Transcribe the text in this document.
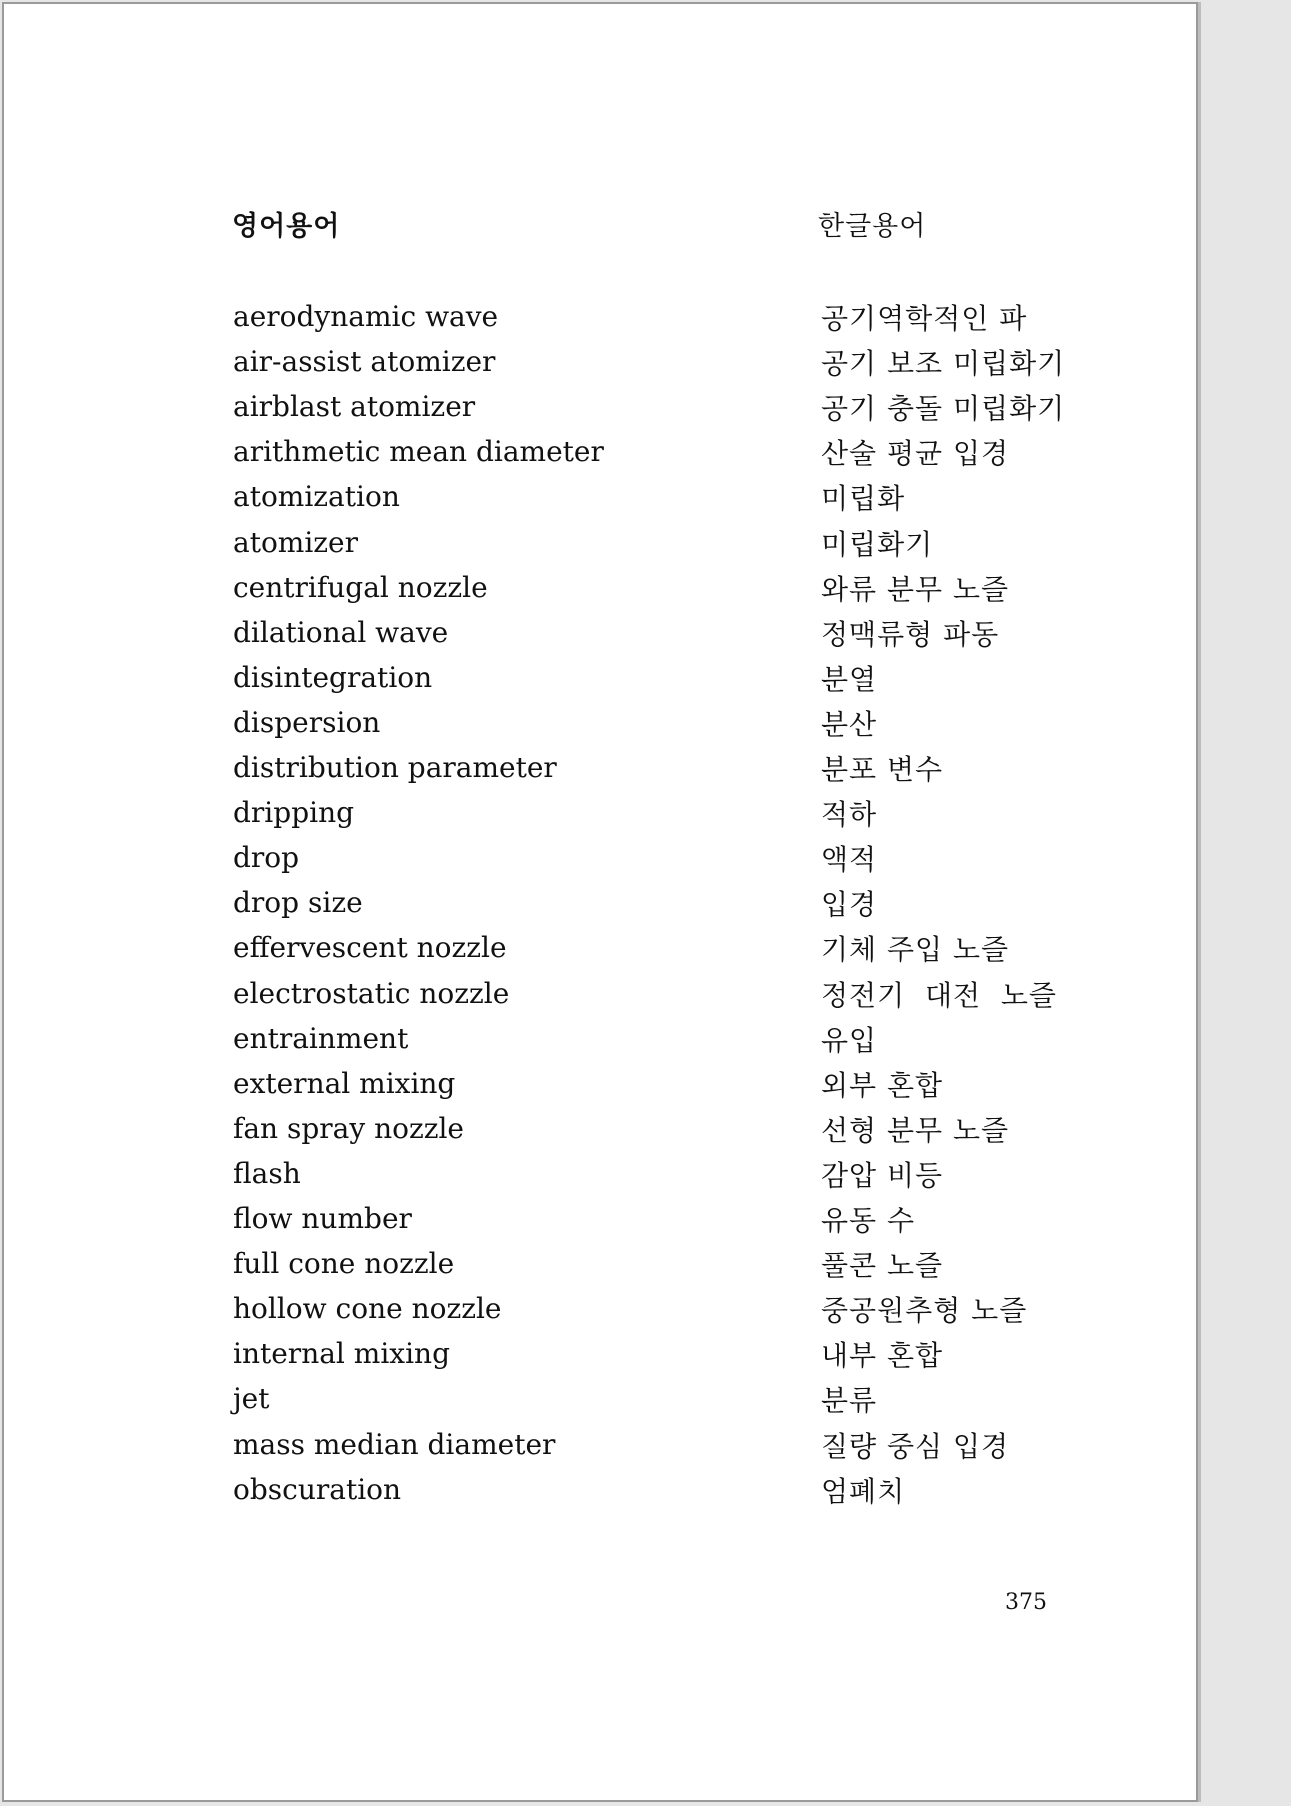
영어용어	한글용어
aerodynamic wave	공기역학적인 파
air-assist atomizer	공기 보조 미립화기
airblast atomizer	공기 충돌 미립화기
arithmetic mean diameter	산술 평균 입경
atomization	미립화
atomizer	미립화기
centrifugal nozzle	와류 분무 노즐
dilational wave	정맥류형 파동
disintegration	분열
dispersion	분산
distribution parameter	분포 변수
dripping	적하
drop	액적
drop size	입경
effervescent nozzle	기체 주입 노즐
electrostatic nozzle	정전기  대전  노즐
entrainment	유입
external mixing	외부 혼합
fan spray nozzle	선형 분무 노즐
flash	감압 비등
flow number	유동 수
full cone nozzle	풀콘 노즐
hollow cone nozzle	중공원추형 노즐
internal mixing	내부 혼합
jet	분류
mass median diameter	질량 중심 입경
obscuration	엄폐치
375
